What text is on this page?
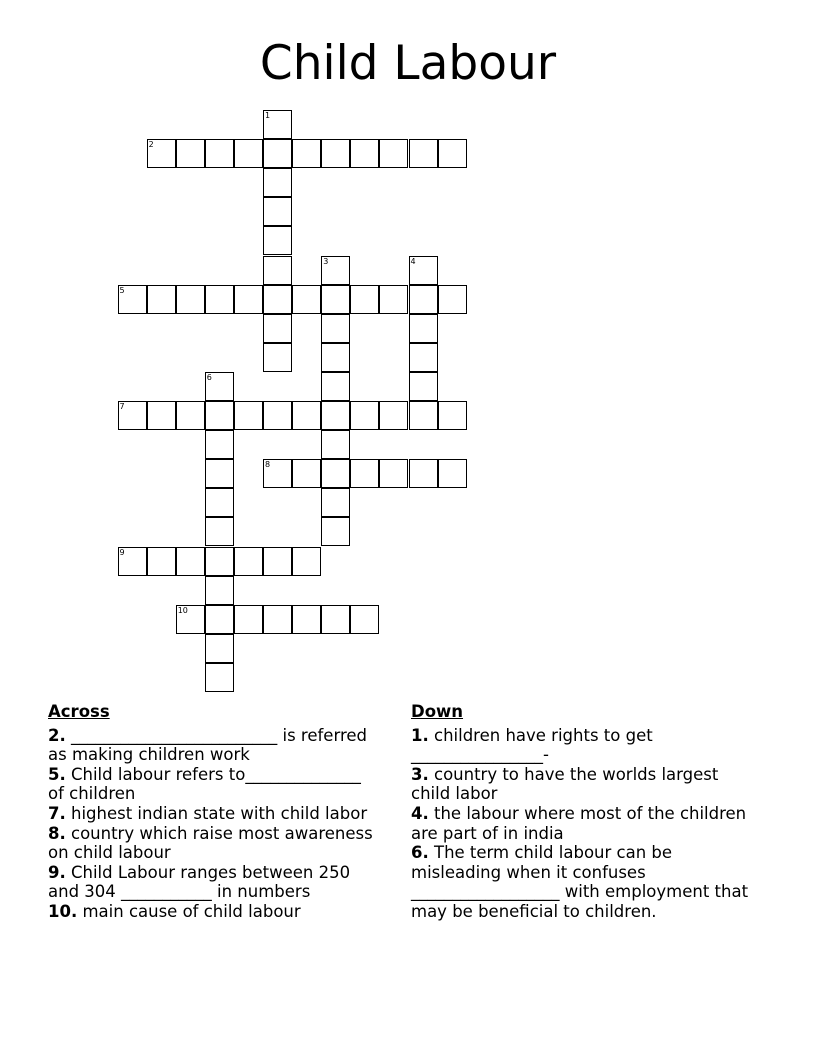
Child Labour
1
2
3	4
5
6
7
8
9
10
Across
2. _________________________ is referred as making children work
5. Child labour refers to______________ of children
7. highest indian state with child labor
8. country which raise most awareness on child labour
9. Child Labour ranges between 250 and 304 ___________ in numbers
10. main cause of child labour
Down
1. children have rights to get ________________-
3. country to have the worlds largest child labor
4. the labour where most of the children are part of in india
6. The term child labour can be misleading when it confuses __________________ with employment that may be beneficial to children.
